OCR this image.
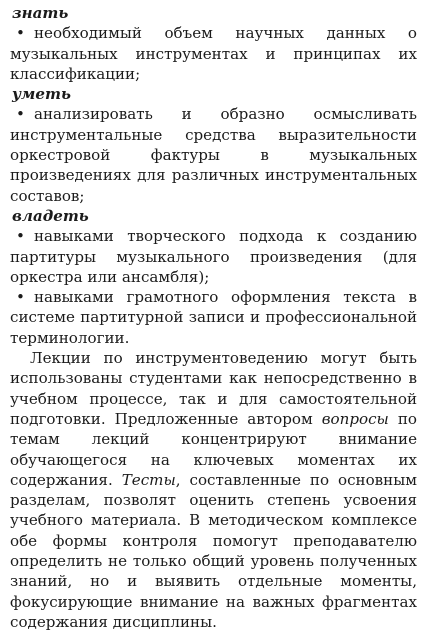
знать

• необходимый объем научных данных о музыкальных инструментах и принципах их классификации;

уметь

• анализировать и образно осмысливать инструментальные средства выразительности оркестровой фактуры в музыкальных произведениях для различных инструментальных составов;

владеть

• навыками творческого подхода к созданию партитуры музыкального произведения (для оркестра или ансамбля);

• навыками грамотного оформления текста в системе партитурной записи и профессиональной терминологии.

Лекции по инструментоведению могут быть использованы студентами как непосредственно в учебном процессе, так и для самостоятельной подготовки. Предложенные автором вопросы по темам лекций концентрируют внимание обучающегося на ключевых моментах их содержания. Тесты, составленные по основным разделам, позволят оценить степень усвоения учебного материала. В методическом комплексе обе формы контроля помогут преподавателю определить не только общий уровень полученных знаний, но и выявить отдельные моменты, фокусирующие внимание на важных фрагментах содержания дисциплины.
